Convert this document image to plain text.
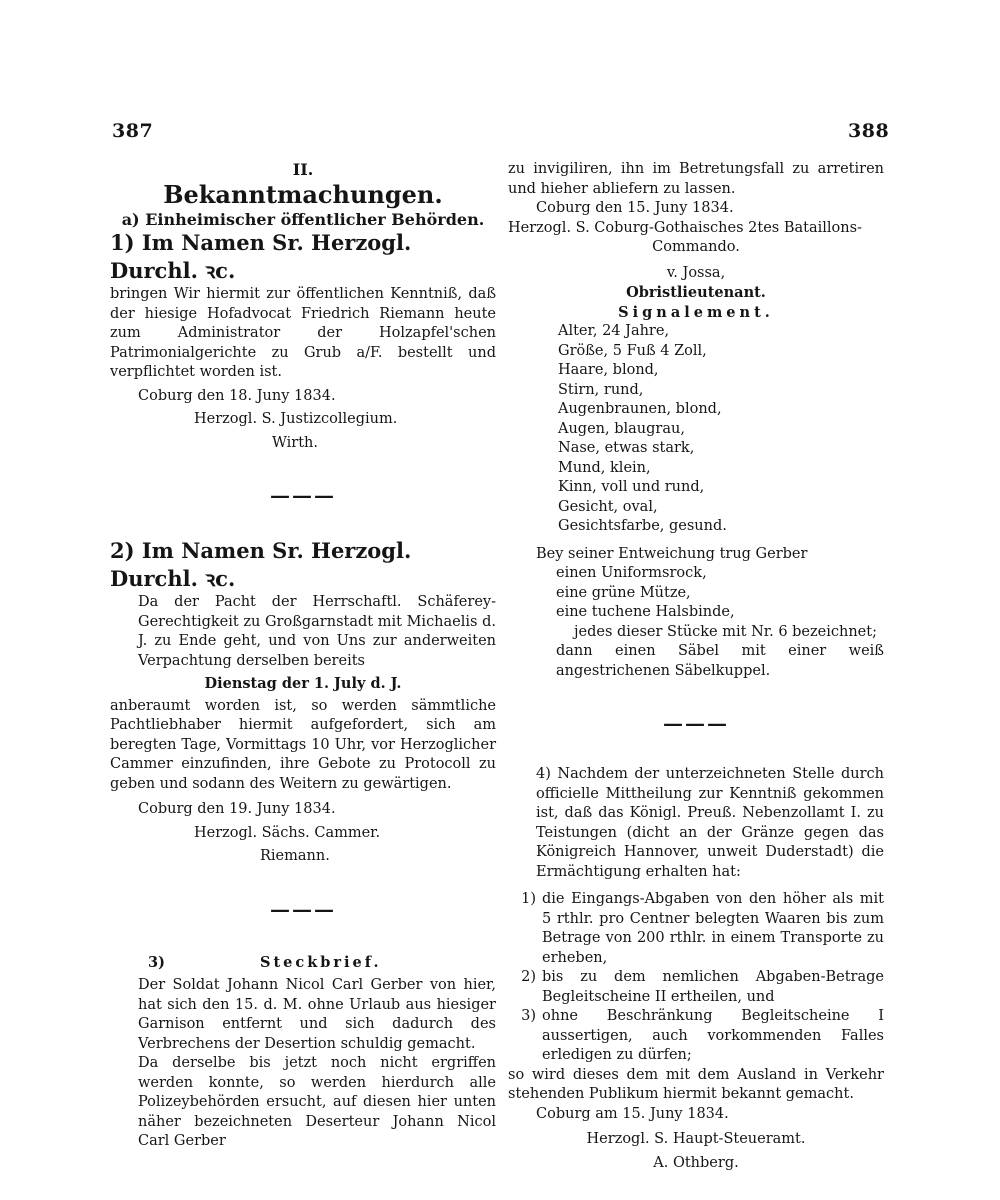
387	388

II.

Bekanntmachungen.

a) Einheimischer öffentlicher Behörden.

1) Im Namen Sr. Herzogl. Durchl. ꝛc.

bringen Wir hiermit zur öffentlichen Kenntniß, daß der hiesige Hofadvocat Friedrich Riemann heute zum Administrator der Holzapfel'schen Patrimonialgerichte zu Grub a/F. bestellt und verpflichtet worden ist.

Coburg den 18. Juny 1834.

Herzogl. S. Justizcollegium.

Wirth.

———

2) Im Namen Sr. Herzogl. Durchl. ꝛc.

Da der Pacht der Herrschaftl. Schäferey-Gerechtigkeit zu Großgarnstadt mit Michaelis d. J. zu Ende geht, und von Uns zur anderweiten Verpachtung derselben bereits

Dienstag der 1. July d. J.

anberaumt worden ist, so werden sämmtliche Pachtliebhaber hiermit aufgefordert, sich am beregten Tage, Vormittags 10 Uhr, vor Herzoglicher Cammer einzufinden, ihre Gebote zu Protocoll zu geben und sodann des Weitern zu gewärtigen.

Coburg den 19. Juny 1834.

Herzogl. Sächs. Cammer.

Riemann.

———
3)	Steckbrief.

Der Soldat Johann Nicol Carl Gerber von hier, hat sich den 15. d. M. ohne Urlaub aus hiesiger Garnison entfernt und sich dadurch des Verbrechens der Desertion schuldig gemacht.

Da derselbe bis jetzt noch nicht ergriffen werden konnte, so werden hierdurch alle Polizeybehörden ersucht, auf diesen hier unten näher bezeichneten Deserteur Johann Nicol Carl Gerber

zu invigiliren, ihn im Betretungsfall zu arretiren und hieher abliefern zu lassen.

Coburg den 15. Juny 1834.

Herzogl. S. Coburg-Gothaisches 2tes Bataillons-

Commando.

v. Jossa,

Obristlieutenant.

Signalement.

Alter, 24 Jahre,
Größe, 5 Fuß 4 Zoll,
Haare, blond,
Stirn, rund,
Augenbraunen, blond,
Augen, blaugrau,
Nase, etwas stark,
Mund, klein,
Kinn, voll und rund,
Gesicht, oval,
Gesichtsfarbe, gesund.

Bey seiner Entweichung trug Gerber

einen Uniformsrock,
eine grüne Mütze,
eine tuchene Halsbinde,

jedes dieser Stücke mit Nr. 6 bezeichnet;

dann einen Säbel mit einer weiß angestrichenen Säbelkuppel.

———

4) Nachdem der unterzeichneten Stelle durch officielle Mittheilung zur Kenntniß gekommen ist, daß das Königl. Preuß. Nebenzollamt I. zu Teistungen (dicht an der Gränze gegen das Königreich Hannover, unweit Duderstadt) die Ermächtigung erhalten hat:

1) die Eingangs-Abgaben von den höher als mit 5 rthlr. pro Centner belegten Waaren bis zum Betrage von 200 rthlr. in einem Transporte zu erheben,
2) bis zu dem nemlichen Abgaben-Betrage Begleitscheine II ertheilen, und
3) ohne Beschränkung Begleitscheine I aussertigen, auch vorkommenden Falles erledigen zu dürfen;

so wird dieses dem mit dem Ausland in Verkehr stehenden Publikum hiermit bekannt gemacht.

Coburg am 15. Juny 1834.

Herzogl. S. Haupt-Steueramt.

A. Othberg.
